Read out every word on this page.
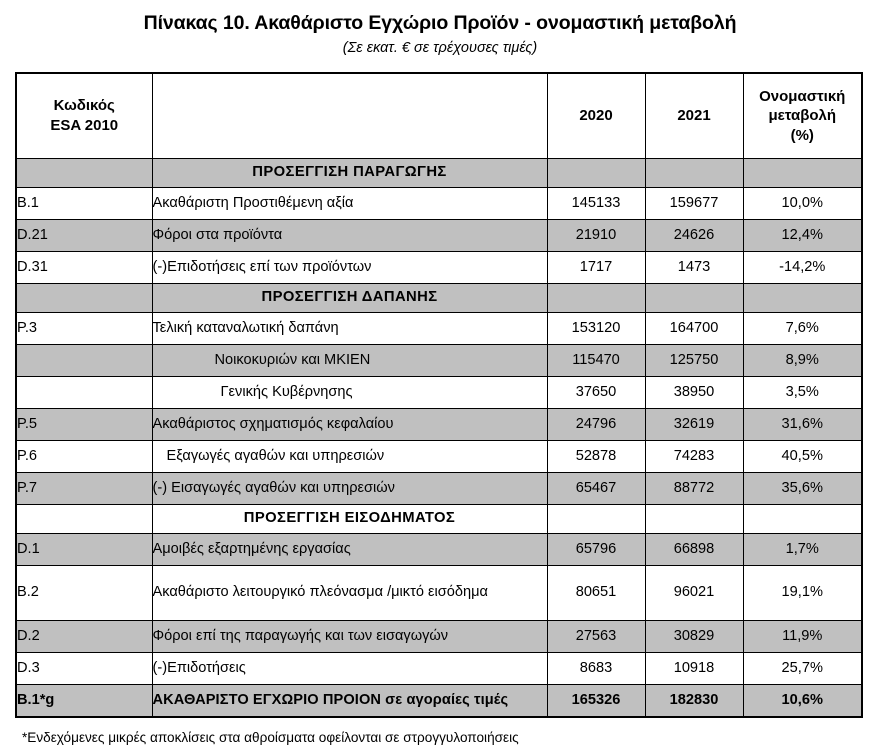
Πίνακας 10. Ακαθάριστο Εγχώριο Προϊόν - ονομαστική μεταβολή
(Σε εκατ. € σε τρέχουσες τιμές)
Κωδικός
ESA 2010		2020	2021	Ονομαστική
μεταβολή
(%)
	ΠΡΟΣΕΓΓΙΣΗ ΠΑΡΑΓΩΓΗΣ			
B.1	Ακαθάριστη Προστιθέμενη αξία	145133	159677	10,0%
D.21	Φόροι στα προϊόντα	21910	24626	12,4%
D.31	(-)Επιδοτήσεις επί των προϊόντων	1717	1473	-14,2%
	ΠΡΟΣΕΓΓΙΣΗ ΔΑΠΑΝΗΣ			
P.3	Τελική καταναλωτική δαπάνη	153120	164700	7,6%
	Νοικοκυριών και ΜΚΙΕΝ	115470	125750	8,9%
	Γενικής Κυβέρνησης	37650	38950	3,5%
P.5	Ακαθάριστος σχηματισμός κεφαλαίου	24796	32619	31,6%
P.6	Εξαγωγές αγαθών και υπηρεσιών	52878	74283	40,5%
P.7	(-) Εισαγωγές αγαθών και υπηρεσιών	65467	88772	35,6%
	ΠΡΟΣΕΓΓΙΣΗ ΕΙΣΟΔΗΜΑΤΟΣ			
D.1	Αμοιβές εξαρτημένης εργασίας	65796	66898	1,7%
B.2	Ακαθάριστο λειτουργικό πλεόνασμα /μικτό εισόδημα	80651	96021	19,1%
D.2	Φόροι επί της παραγωγής και των εισαγωγών	27563	30829	11,9%
D.3	(-)Επιδοτήσεις	8683	10918	25,7%
B.1*g	ΑΚΑΘΑΡΙΣΤΟ ΕΓΧΩΡΙΟ ΠΡΟΙΟΝ σε αγοραίες τιμές	165326	182830	10,6%
*Ενδεχόμενες μικρές αποκλίσεις στα αθροίσματα οφείλονται σε στρογγυλοποιήσεις
